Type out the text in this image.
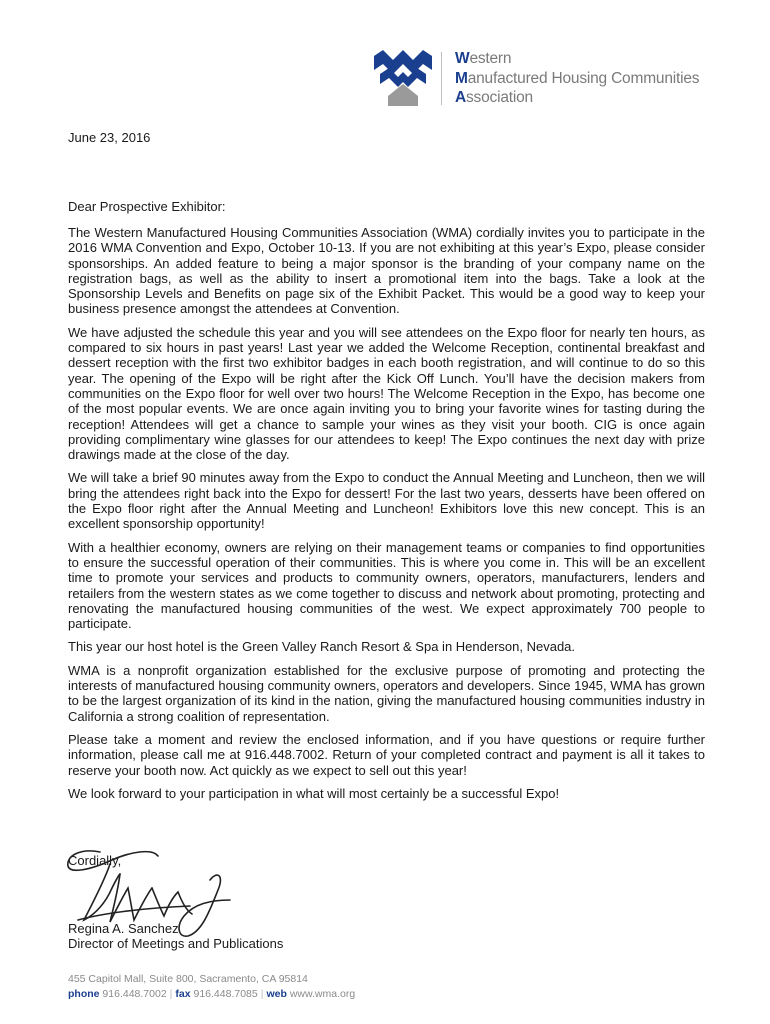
Western
Manufactured Housing Communities
Association
June 23, 2016
Dear Prospective Exhibitor:

The Western Manufactured Housing Communities Association (WMA) cordially invites you to participate in the 2016 WMA Convention and Expo, October 10-13. If you are not exhibiting at this year’s Expo, please consider sponsorships. An added feature to being a major sponsor is the branding of your company name on the registration bags, as well as the ability to insert a promotional item into the bags. Take a look at the Sponsorship Levels and Benefits on page six of the Exhibit Packet. This would be a good way to keep your business presence amongst the attendees at Convention.

We have adjusted the schedule this year and you will see attendees on the Expo floor for nearly ten hours, as compared to six hours in past years! Last year we added the Welcome Reception, continental breakfast and dessert reception with the first two exhibitor badges in each booth registration, and will continue to do so this year. The opening of the Expo will be right after the Kick Off Lunch. You’ll have the decision makers from communities on the Expo floor for well over two hours! The Welcome Reception in the Expo, has become one of the most popular events. We are once again inviting you to bring your favorite wines for tasting during the reception! Attendees will get a chance to sample your wines as they visit your booth. CIG is once again providing complimentary wine glasses for our attendees to keep! The Expo continues the next day with prize drawings made at the close of the day.

We will take a brief 90 minutes away from the Expo to conduct the Annual Meeting and Luncheon, then we will bring the attendees right back into the Expo for dessert! For the last two years, desserts have been offered on the Expo floor right after the Annual Meeting and Luncheon! Exhibitors love this new concept. This is an excellent sponsorship opportunity!

With a healthier economy, owners are relying on their management teams or companies to find opportunities to ensure the successful operation of their communities. This is where you come in. This will be an excellent time to promote your services and products to community owners, operators, manufacturers, lenders and retailers from the western states as we come together to discuss and network about promoting, protecting and renovating the manufactured housing communities of the west. We expect approximately 700 people to participate.

This year our host hotel is the Green Valley Ranch Resort & Spa in Henderson, Nevada.

WMA is a nonprofit organization established for the exclusive purpose of promoting and protecting the interests of manufactured housing community owners, operators and developers. Since 1945, WMA has grown to be the largest organization of its kind in the nation, giving the manufactured housing communities industry in California a strong coalition of representation.

Please take a moment and review the enclosed information, and if you have questions or require further information, please call me at 916.448.7002. Return of your completed contract and payment is all it takes to reserve your booth now. Act quickly as we expect to sell out this year!

We look forward to your participation in what will most certainly be a successful Expo!

Cordially,
Regina A. Sanchez
Director of Meetings and Publications
455 Capitol Mall, Suite 800, Sacramento, CA 95814
phone 916.448.7002 | fax 916.448.7085 | web www.wma.org
